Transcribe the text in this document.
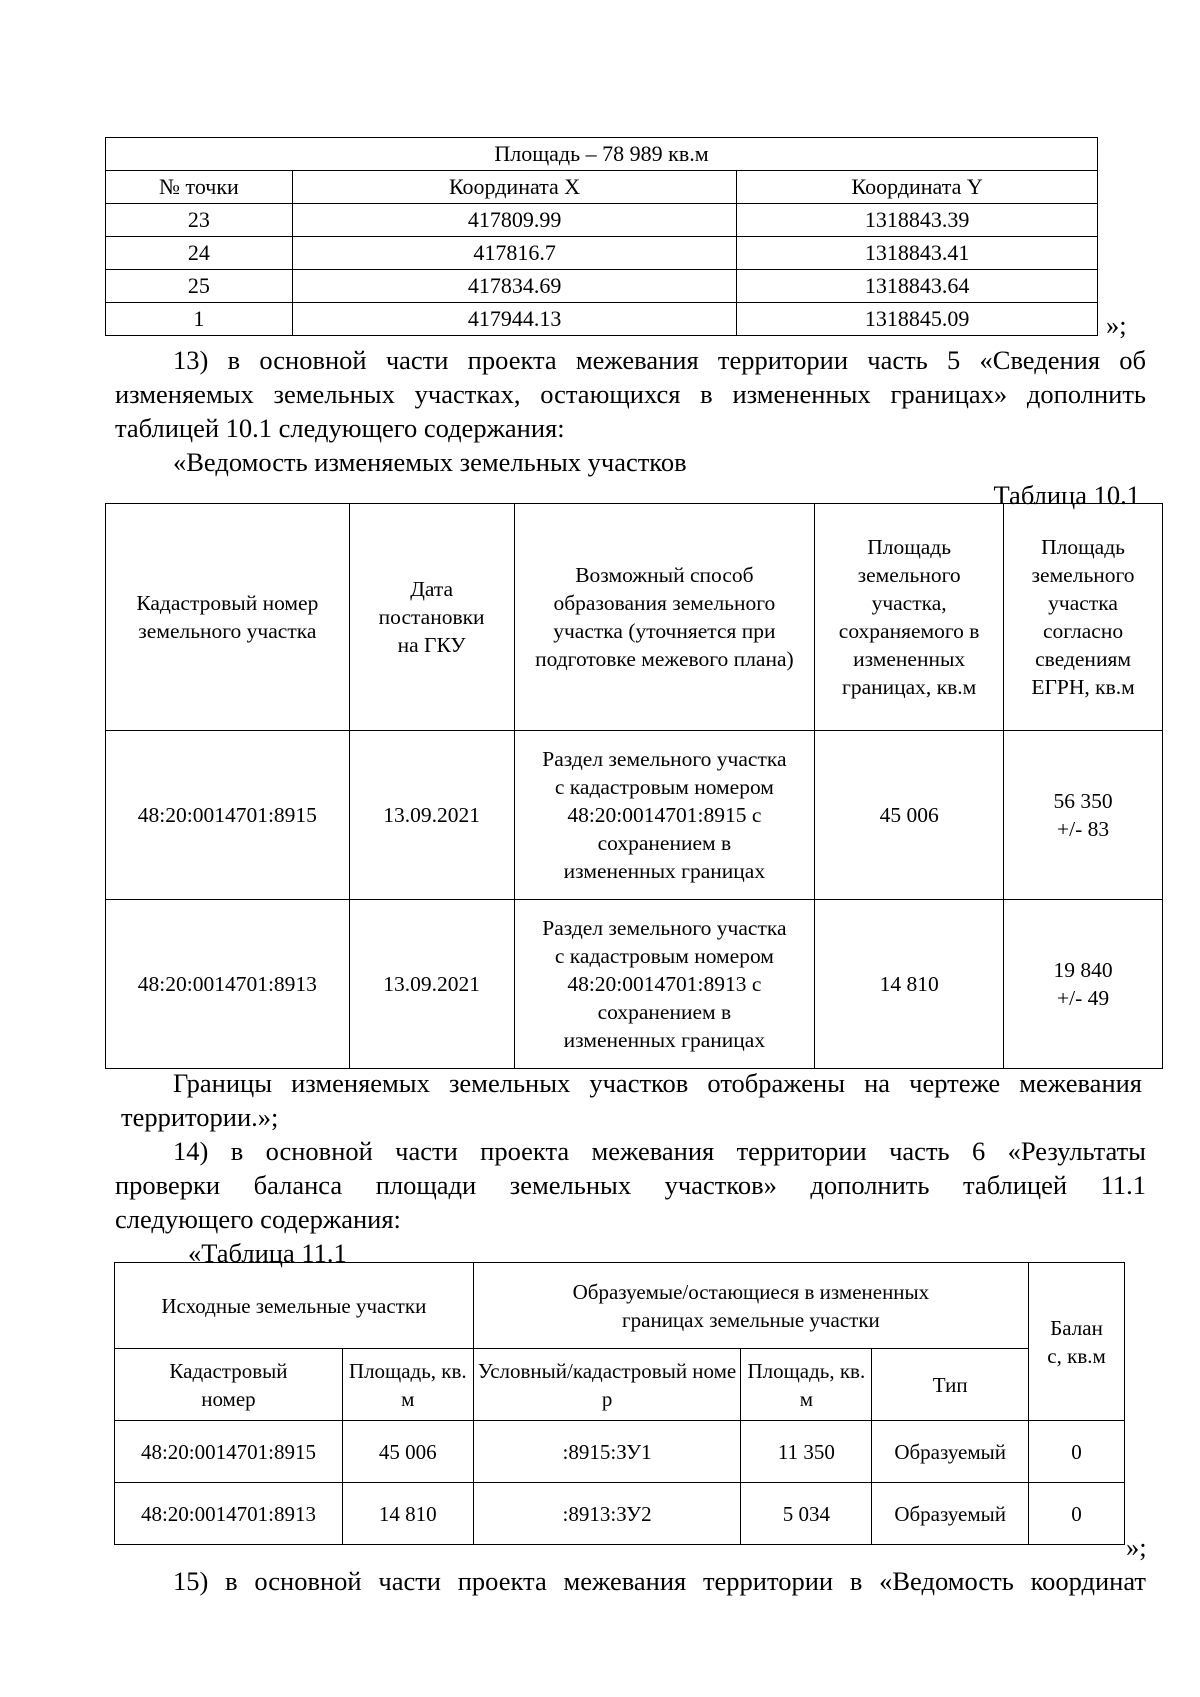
Площадь – 78 989 кв.м		
№ точки	Координата X	Координата Y
23	417809.99	1318843.39
24	417816.7	1318843.41
25	417834.69	1318843.64
1	417944.13	1318845.09	»;
13) в основной части проекта межевания территории часть 5 «Сведения об
изменяемых земельных участках, остающихся в измененных границах» дополнить
таблицей 10.1 следующего содержания:
«Ведомость изменяемых земельных участков
Таблица 10.1
Кадастровый номер земельного участка	Дата постановки на ГКУ	Возможный способ образования земельного участка (уточняется при подготовке межевого плана)	Площадь земельного участка, сохраняемого в измененных границах, кв.м	Площадь земельного участка согласно сведениям ЕГРН, кв.м
48:20:0014701:8915	13.09.2021	Раздел земельного участка с кадастровым номером 48:20:0014701:8915 с сохранением в измененных границах	45 006	56 350
+/- 83

48:20:0014701:8913	13.09.2021	Раздел земельного участка с кадастровым номером 48:20:0014701:8913 с сохранением в измененных границах	14 810	19 840
+/- 49
Границы изменяемых земельных участков отображены на чертеже межевания
территории.»;
14) в основной части проекта межевания территории часть 6 «Результаты
проверки баланса площади земельных участков» дополнить таблицей 11.1
следующего содержания:
«Таблица 11.1
Исходные земельные участки		Образуемые/остающиеся в измененных границах земельные участки			Баланс, кв.м
Кадастровый номер	Площадь, кв.м	Условный/кадастровый номер	Площадь, кв.м	Тип	
48:20:0014701:8915	45 006	:8915:ЗУ1	11 350	Образуемый	0
48:20:0014701:8913	14 810	:8913:ЗУ2	5 034	Образуемый	0
»;
15) в основной части проекта межевания территории в «Ведомость координат
